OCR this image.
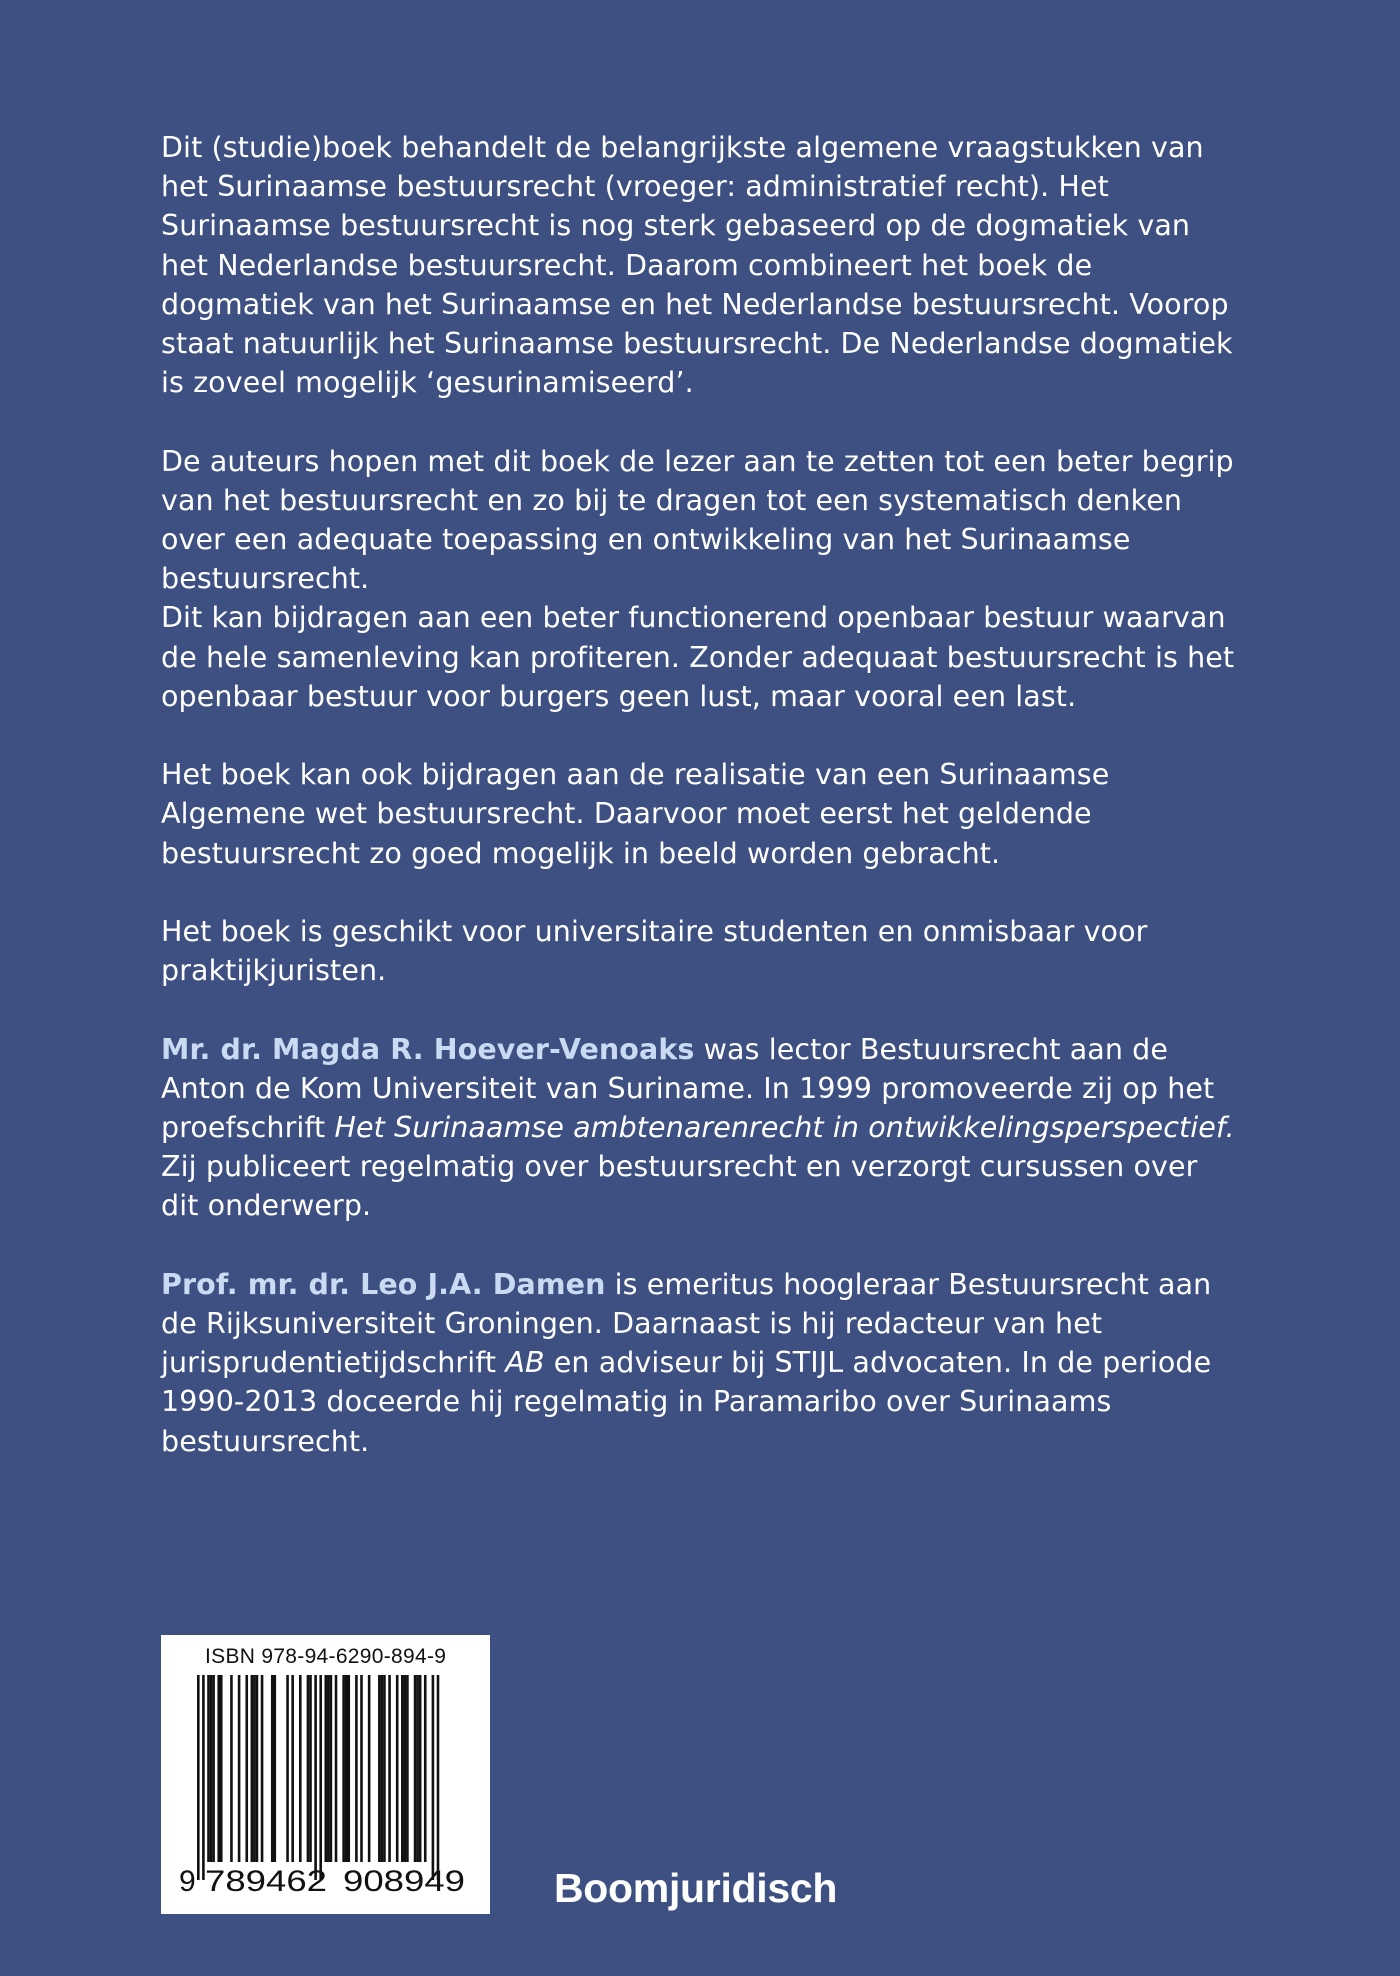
Dit (studie)boek behandelt de belangrijkste algemene vraagstukken van het Surinaamse bestuursrecht (vroeger: administratief recht). Het Surinaamse bestuursrecht is nog sterk gebaseerd op de dogmatiek van het Nederlandse bestuursrecht. Daarom combineert het boek de dogmatiek van het Surinaamse en het Nederlandse bestuursrecht. Voorop staat natuurlijk het Surinaamse bestuursrecht. De Nederlandse dogmatiek is zoveel mogelijk ‘gesurinamiseerd’.

De auteurs hopen met dit boek de lezer aan te zetten tot een beter begrip van het bestuursrecht en zo bij te dragen tot een systematisch denken over een adequate toepassing en ontwikkeling van het Surinaamse bestuursrecht.

Dit kan bijdragen aan een beter functionerend openbaar bestuur waarvan de hele samenleving kan profiteren. Zonder adequaat bestuursrecht is het openbaar bestuur voor burgers geen lust, maar vooral een last.

Het boek kan ook bijdragen aan de realisatie van een Surinaamse Algemene wet bestuursrecht. Daarvoor moet eerst het geldende bestuursrecht zo goed mogelijk in beeld worden gebracht.

Het boek is geschikt voor universitaire studenten en onmisbaar voor praktijkjuristen.

Mr. dr. Magda R. Hoever-Venoaks was lector Bestuursrecht aan de Anton de Kom Universiteit van Suriname. In 1999 promoveerde zij op het proefschrift Het Surinaamse ambtenarenrecht in ontwikkelingsperspectief. Zij publiceert regelmatig over bestuursrecht en verzorgt cursussen over dit onderwerp.

Prof. mr. dr. Leo J.A. Damen is emeritus hoogleraar Bestuursrecht aan de Rijksuniversiteit Groningen. Daarnaast is hij redacteur van het jurisprudentietijdschrift AB en adviseur bij STIJL advocaten. In de periode 1990-2013 doceerde hij regelmatig in Paramaribo over Surinaams bestuursrecht.

ISBN 978-94-6290-894-9
9 789462 908949 Boomjuridisch
